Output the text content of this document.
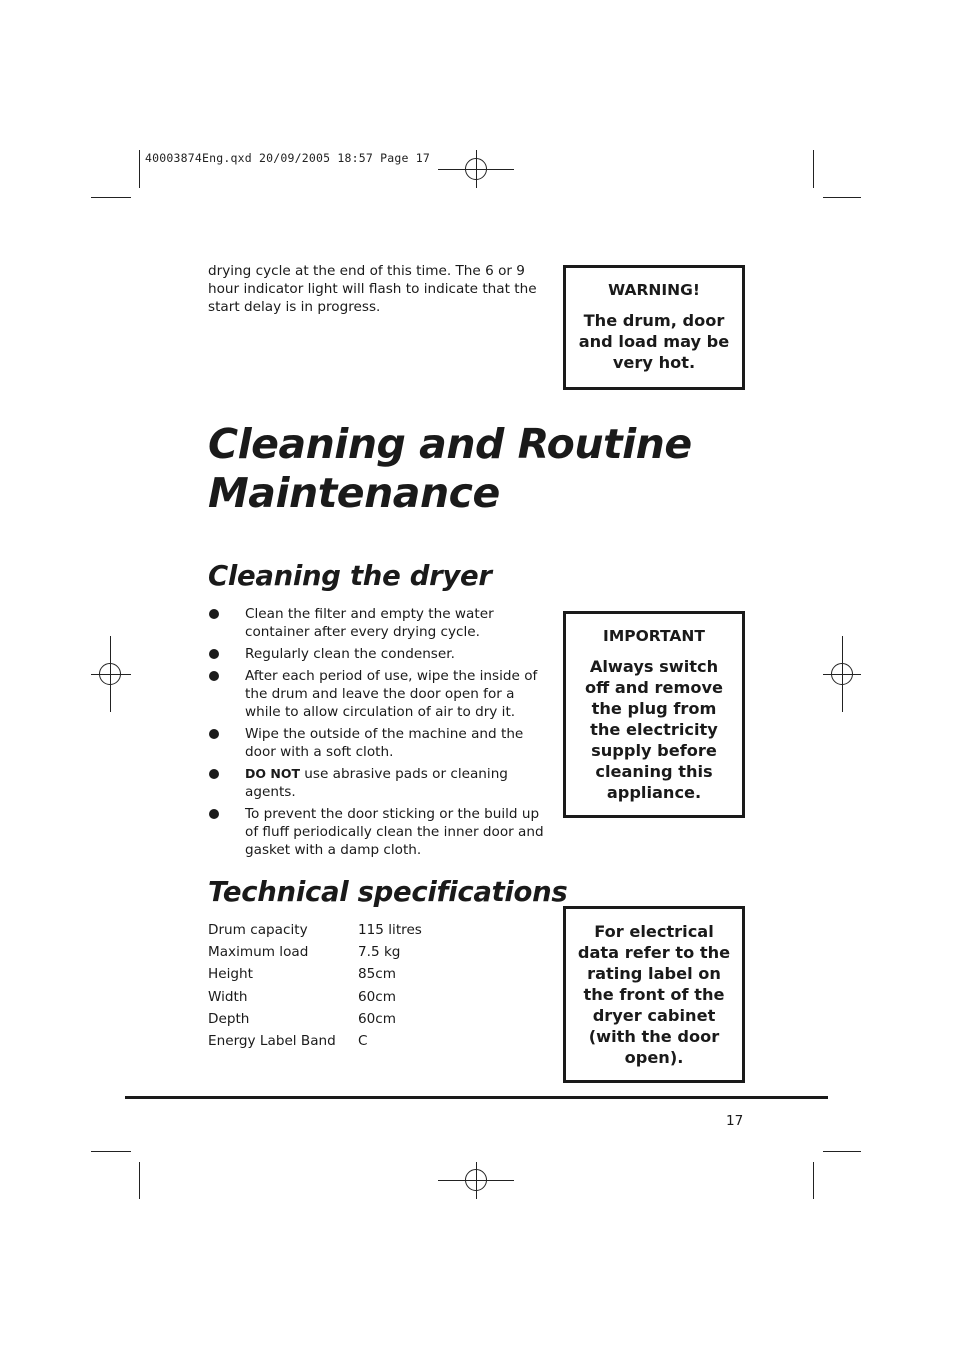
40003874Eng.qxd 20/09/2005 18:57 Page 17
drying cycle at the end of this time. The 6 or 9 hour indicator light will flash to indicate that the start delay is in progress.
WARNING!
The drum, door and load may be very hot.
Cleaning and Routine Maintenance
Cleaning the dryer
Clean the filter and empty the water container after every drying cycle.
Regularly clean the condenser.
After each period of use, wipe the inside of the drum and leave the door open for a while to allow circulation of air to dry it.
Wipe the outside of the machine and the door with a soft cloth.
DO NOT use abrasive pads or cleaning agents.
To prevent the door sticking or the build up of fluff periodically clean the inner door and gasket with a damp cloth.
IMPORTANT
Always switch off and remove the plug from the electricity supply before cleaning this appliance.
Technical specifications
Drum capacity	115 litres
Maximum load	7.5 kg
Height	85cm
Width	60cm
Depth	60cm
Energy Label Band	C
For electrical data refer to the rating label on the front of the dryer cabinet (with the door open).
17
